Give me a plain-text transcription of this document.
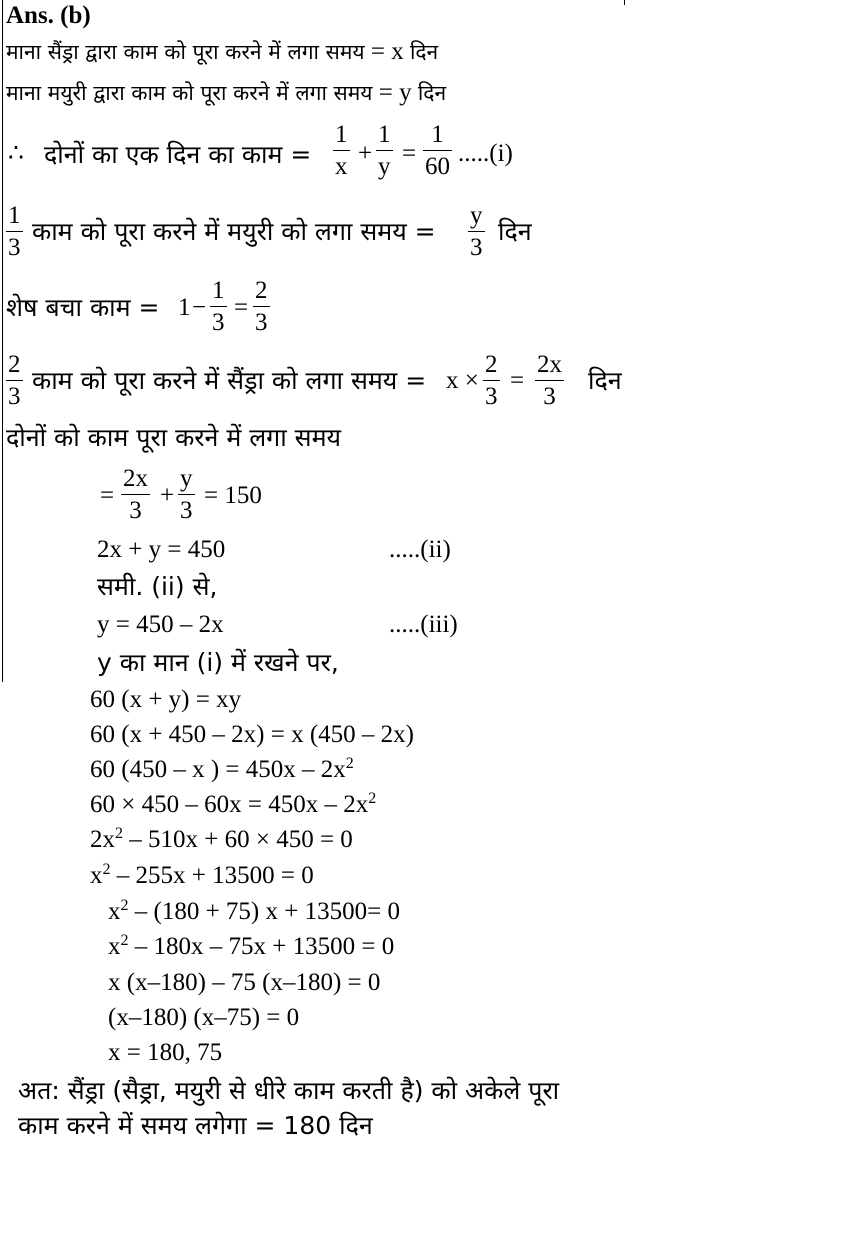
Ans. (b)
माना सैंड्रा द्वारा काम को पूरा करने में लगा समय = x दिन
माना मयुरी द्वारा काम को पूरा करने में लगा समय = y दिन
∴ दोनों का एक दिन का काम =
1
x +
1
y =
1
60 .....(i)
1
3
काम को पूरा करने में मयुरी को लगा समय =
y
3
दिन
शेष बचा काम = 1 −
1
3
=
2
3
2
3
काम को पूरा करने में सैंड्रा को लगा समय = x ×
2
3
=
2x
3
दिन
दोनों को काम पूरा करने में लगा समय
=
2x
3
+
y
3
= 150
2x + y = 450	.....(ii)
समी. (ii) से,
y = 450 – 2x	.....(iii)
y का मान (i) में रखने पर,
60 (x + y) = xy
60 (x + 450 – 2x) = x (450 – 2x)
60 (450 – x ) = $450x - 2x^2$
$60 \times 450 - 60x = 450x - 2x^2$
$2x^2 - 510x + 60 \times 450 = 0$
$x^2 - 255x + 13500 = 0$
$x^2 - (180 + 75) x + 13500= 0$
$x^2 - 180x - 75x + 13500 = 0$
x (x–180) – 75 (x–180) = 0
(x–180) (x–75) = 0
x = 180, 75
अत: सैंड्रा (सैड्रा, मयुरी से धीरे काम करती है) को अकेले पूरा
काम करने में समय लगेगा = 180 दिन
